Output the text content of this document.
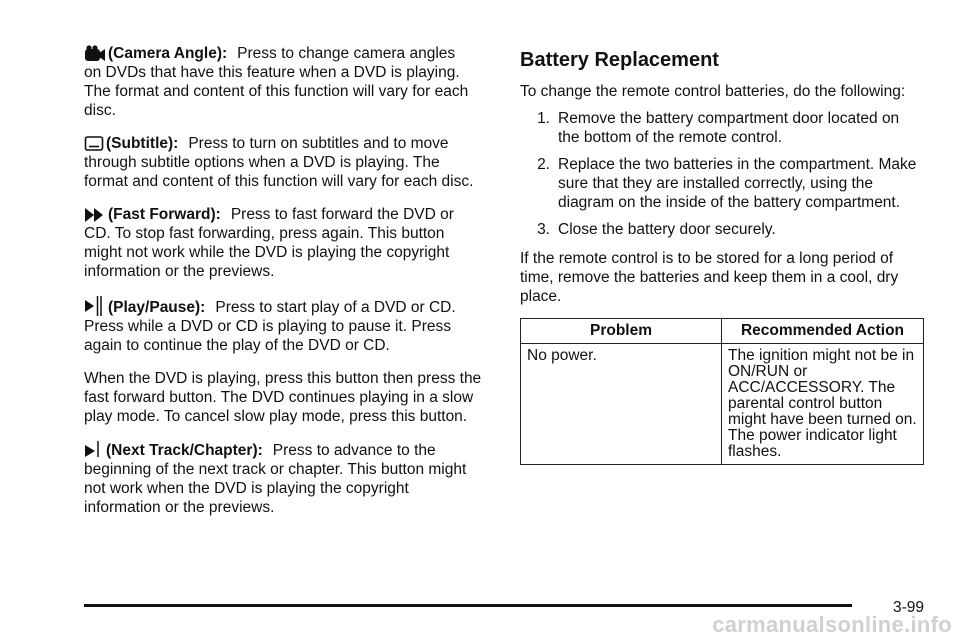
(Camera Angle): Press to change camera angles

on DVDs that have this feature when a DVD is playing. The format and content of this function will vary for each disc.

(Subtitle): Press to turn on subtitles and to move

through subtitle options when a DVD is playing. The format and content of this function will vary for each disc.

(Fast Forward): Press to fast forward the DVD or

CD. To stop fast forwarding, press again. This button might not work while the DVD is playing the copyright information or the previews.

(Play/Pause): Press to start play of a DVD or CD.

Press while a DVD or CD is playing to pause it. Press again to continue the play of the DVD or CD.

When the DVD is playing, press this button then press the fast forward button. The DVD continues playing in a slow play mode. To cancel slow play mode, press this button.

(Next Track/Chapter): Press to advance to the

beginning of the next track or chapter. This button might not work when the DVD is playing the copyright information or the previews.

Battery Replacement

To change the remote control batteries, do the following:

1. Remove the battery compartment door located on the bottom of the remote control.
2. Replace the two batteries in the compartment. Make sure that they are installed correctly, using the diagram on the inside of the battery compartment.
3. Close the battery door securely.

If the remote control is to be stored for a long period of time, remove the batteries and keep them in a cool, dry place.

Problem	Recommended Action
No power.	The ignition might not be in ON/RUN or ACC/ACCESSORY. The parental control button might have been turned on. The power indicator light flashes.
3-99
carmanualsonline.info
